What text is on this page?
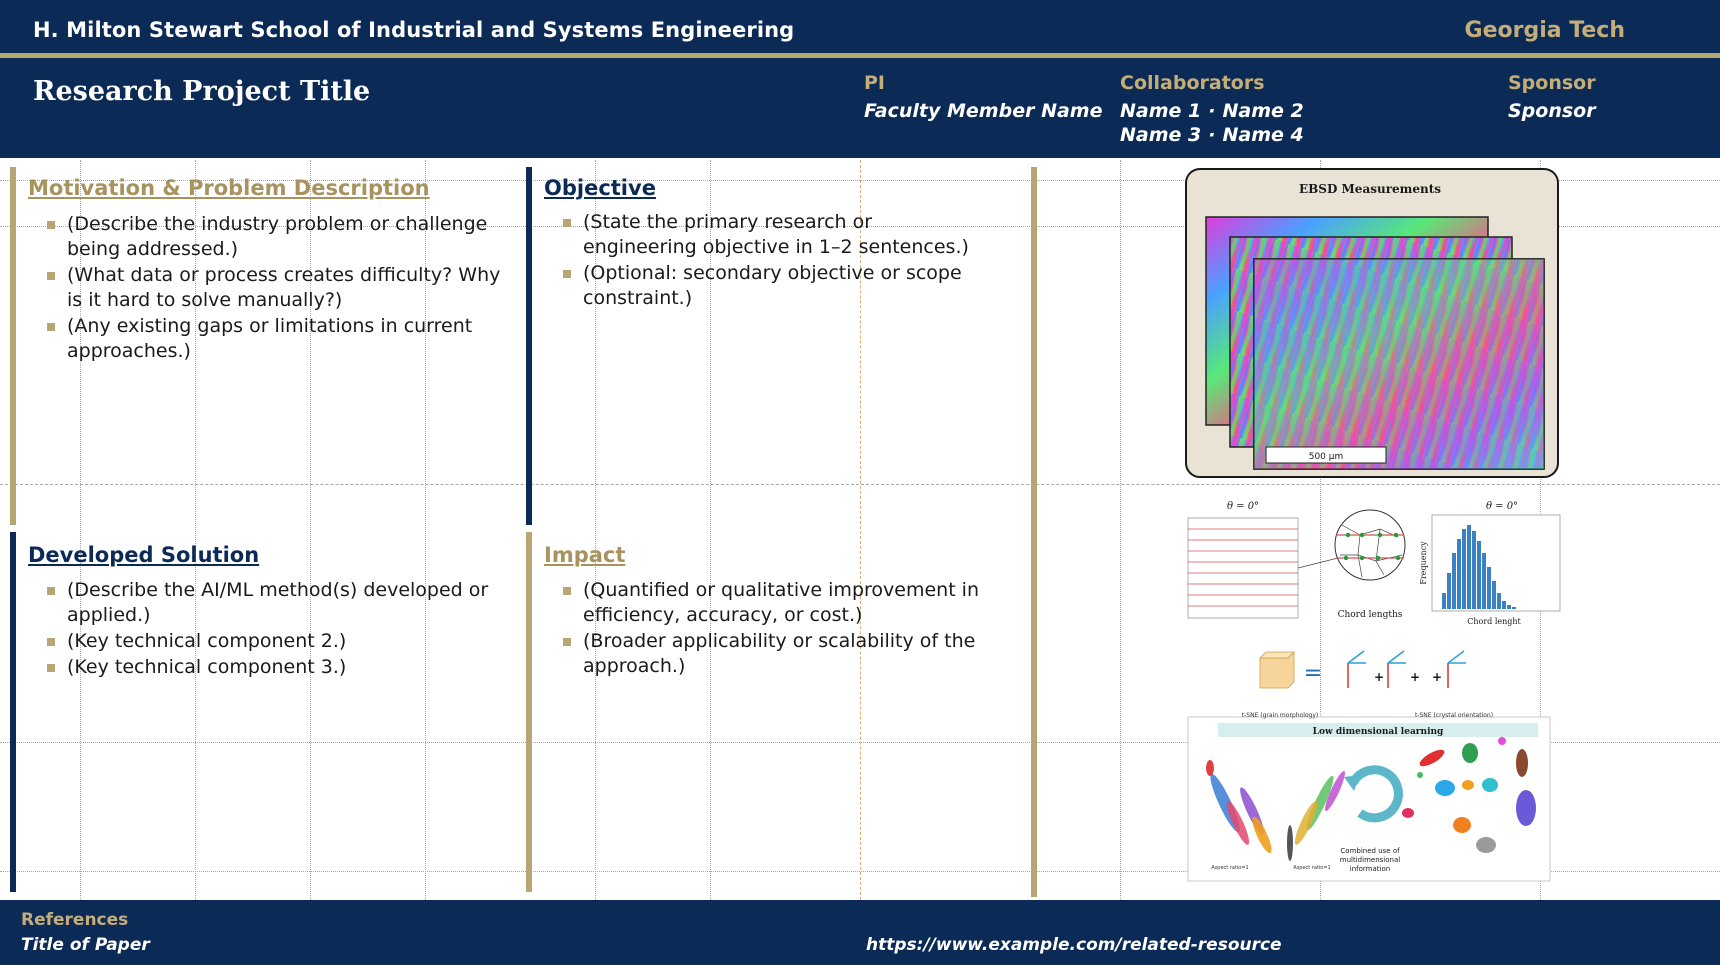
H. Milton Stewart School of Industrial and Systems Engineering	Georgia Tech
Research Project Title	PI
Faculty Member Name
Collaborators
Name 1 · Name 2
Name 3 · Name 4
Sponsor
Sponsor
Motivation & Problem Description
(Describe the industry problem or challenge being addressed.)
(What data or process creates difficulty? Why is it hard to solve manually?)
(Any existing gaps or limitations in current approaches.)
Objective
(State the primary research or engineering objective in 1–2 sentences.)
(Optional: secondary objective or scope constraint.)
Developed Solution
(Describe the AI/ML method(s) developed or applied.)
(Key technical component 2.)
(Key technical component 3.)
Impact
(Quantified or qualitative improvement in efficiency, accuracy, or cost.)
(Broader applicability or scalability of the approach.)
EBSD Measurements
500 μm
θ = 0°
Chord lengths
θ = 0°
Chord lenght
Frequency
=	+ + +
t-SNE (grain morphology)	t-SNE (crystal orientation)
Low dimensional learning
Combined use of
multidimensional
information
Aspect ratio=1	Aspect ratio=1
References
Title of Paper	https://www.example.com/related-resource
